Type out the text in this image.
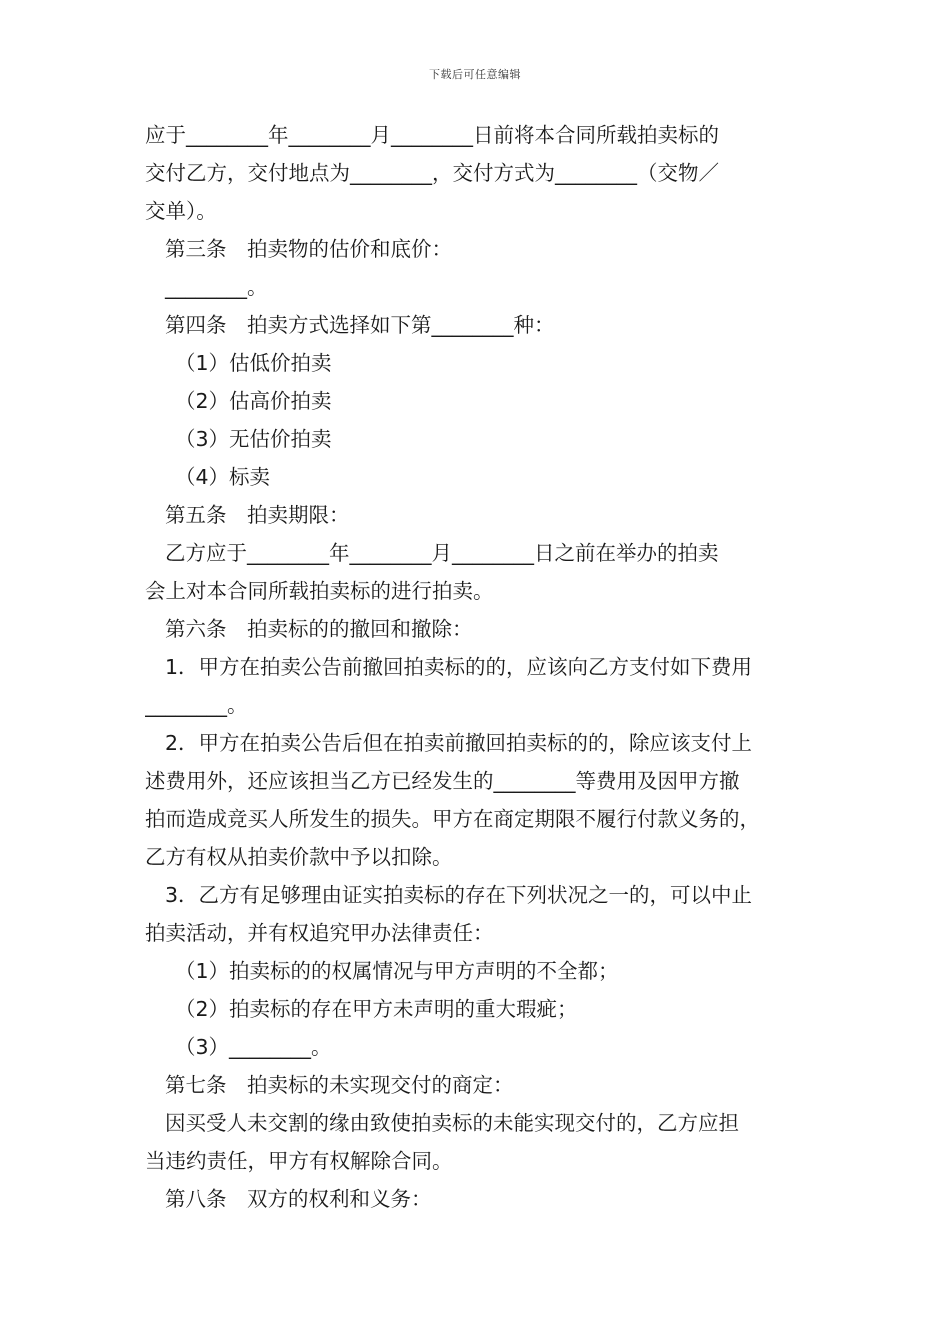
下载后可任意编辑
应于________年________月________日前将本合同所载拍卖标的
交付乙方，交付地点为________，交付方式为________（交物／
交单）。
第三条　拍卖物的估价和底价：
________。
第四条　拍卖方式选择如下第________种：
（1）估低价拍卖
（2）估高价拍卖
（3）无估价拍卖
（4）标卖
第五条　拍卖期限：
乙方应于________年________月________日之前在举办的拍卖
会上对本合同所载拍卖标的进行拍卖。
第六条　拍卖标的的撤回和撤除：
1．甲方在拍卖公告前撤回拍卖标的的，应该向乙方支付如下费用
________。
2．甲方在拍卖公告后但在拍卖前撤回拍卖标的的，除应该支付上
述费用外，还应该担当乙方已经发生的________等费用及因甲方撤
拍而造成竞买人所发生的损失。甲方在商定期限不履行付款义务的，
乙方有权从拍卖价款中予以扣除。
3．乙方有足够理由证实拍卖标的存在下列状况之一的，可以中止
拍卖活动，并有权追究甲办法律责任：
（1）拍卖标的的权属情况与甲方声明的不全都；
（2）拍卖标的存在甲方未声明的重大瑕疵；
（3）________。
第七条　拍卖标的未实现交付的商定：
因买受人未交割的缘由致使拍卖标的未能实现交付的，乙方应担
当违约责任，甲方有权解除合同。
第八条　双方的权利和义务：
